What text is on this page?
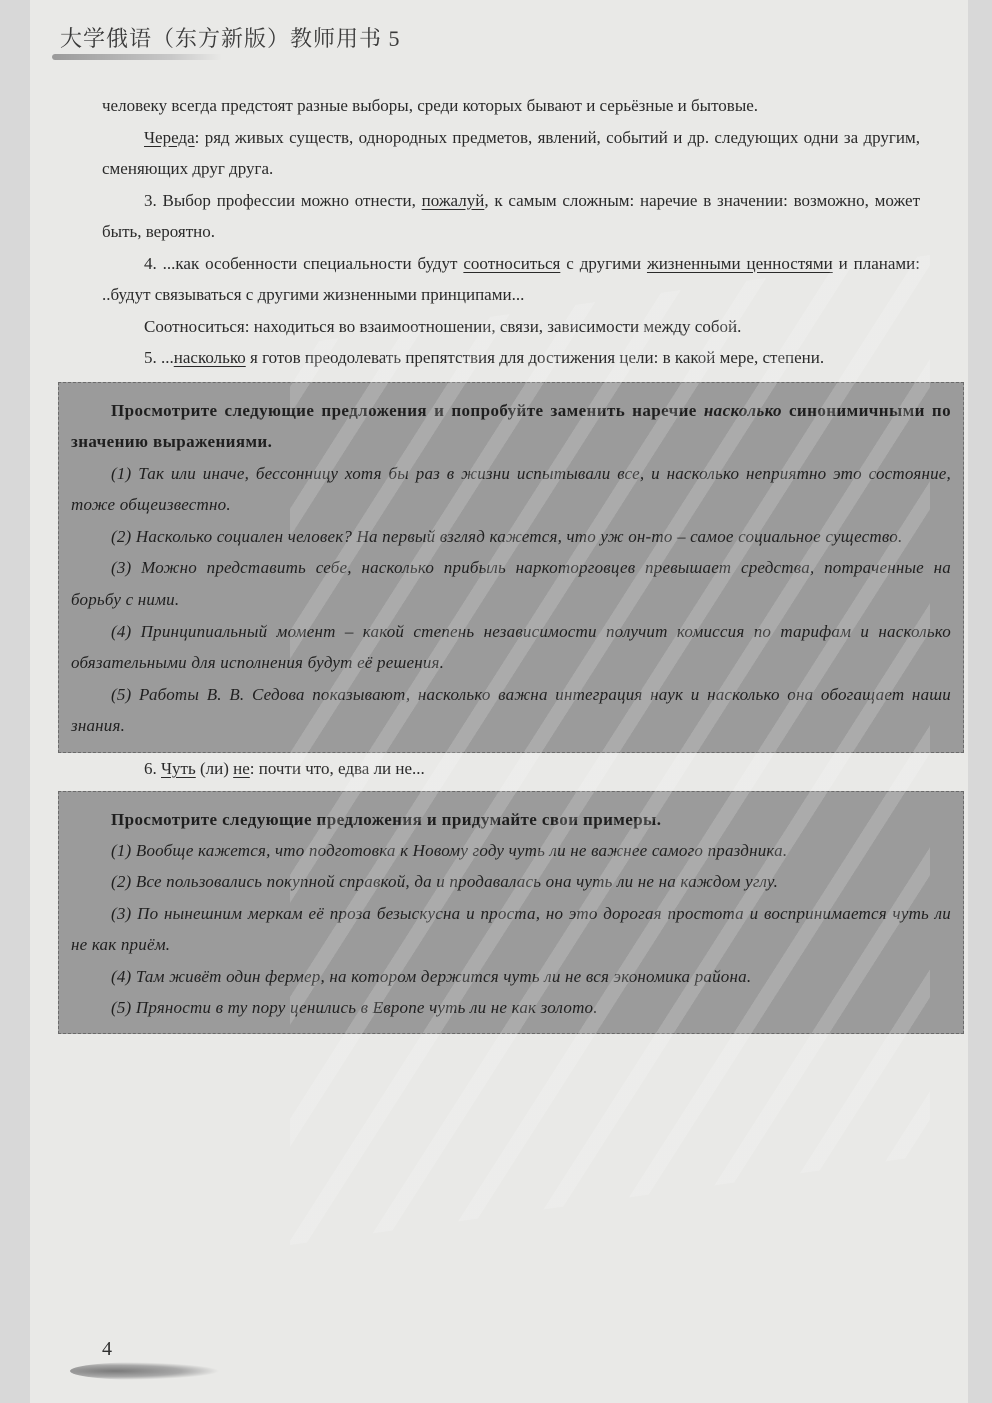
大学俄语（东方新版）教师用书 5

человеку всегда предстоят разные выборы, среди которых бывают и серьёзные и бытовые.

Череда: ряд живых существ, однородных предметов, явлений, событий и др. следующих одни за другим, сменяющих друг друга.

3. Выбор профессии можно отнести, пожалуй, к самым сложным: наречие в значении: возможно, может быть, вероятно.

4. ...как особенности специальности будут соотноситься с другими жизненными ценностями и планами: ..будут связываться с другими жизненными принципами...

Соотноситься: находиться во взаимоотношении, связи, зависимости между собой.

5. ...насколько я готов преодолевать препятствия для достижения цели: в какой мере, степени.

Просмотрите следующие предложения и попробуйте заменить наречие насколько синонимичными по значению выражениями.

(1) Так или иначе, бессонницу хотя бы раз в жизни испытывали все, и насколько неприятно это состояние, тоже общеизвестно.

(2) Насколько социален человек? На первый взгляд кажется, что уж он-то – самое социальное существо.

(3) Можно представить себе, насколько прибыль наркоторговцев превышает средства, потраченные на борьбу с ними.

(4) Принципиальный момент – какой степень независимости получит комиссия по тарифам и насколько обязательными для исполнения будут её решения.

(5) Работы В. В. Седова показывают, насколько важна интеграция наук и насколько она обогащает наши знания.

6. Чуть (ли) не: почти что, едва ли не...

Просмотрите следующие предложения и придумайте свои примеры.

(1) Вообще кажется, что подготовка к Новому году чуть ли не важнее самого праздника.

(2) Все пользовались покупной справкой, да и продавалась она чуть ли не на каждом углу.

(3) По нынешним меркам её проза безыскусна и проста, но это дорогая простота и воспринимается чуть ли не как приём.

(4) Там живёт один фермер, на котором держится чуть ли не вся экономика района.

(5) Пряности в ту пору ценились в Европе чуть ли не как золото.

4
